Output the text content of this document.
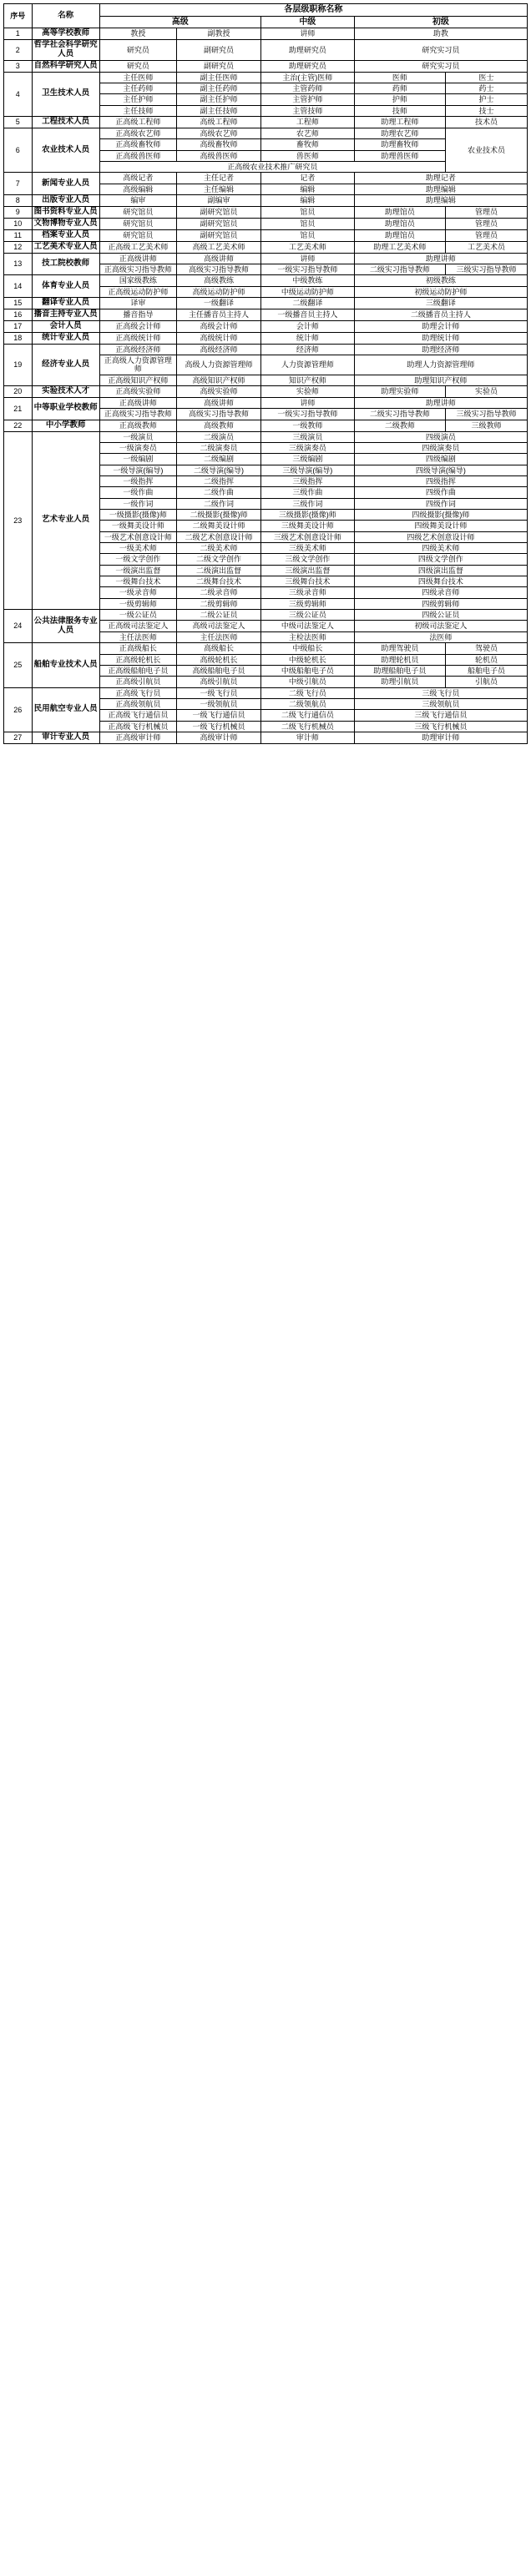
序号	名称	各层级职称名称				
		高级		中级	初级	
1	高等学校教师	教授	副教授	讲师	助教	
2	哲学社会科学研究人员	研究员	副研究员	助理研究员	研究实习员	
3	自然科学研究人员	研究员	副研究员	助理研究员	研究实习员	
4	卫生技术人员	主任医师	副主任医师	主治(主管)医师	医师	医士
		主任药师	副主任药师	主管药师	药师	药士
		主任护师	副主任护师	主管护师	护师	护士
		主任技师	副主任技师	主管技师	技师	技士
5	工程技术人员	正高级工程师	高级工程师	工程师	助理工程师	技术员
6	农业技术人员	正高级农艺师	高级农艺师	农艺师	助理农艺师	农业技术员
		正高级畜牧师	高级畜牧师	畜牧师	助理畜牧师	
		正高级兽医师	高级兽医师	兽医师	助理兽医师	
		正高级农业技术推广研究员				
7	新闻专业人员	高级记者	主任记者	记者	助理记者	
		高级编辑	主任编辑	编辑	助理编辑	
8	出版专业人员	编审	副编审	编辑	助理编辑	
9	图书资料专业人员	研究馆员	副研究馆员	馆员	助理馆员	管理员
10	文物博物专业人员	研究馆员	副研究馆员	馆员	助理馆员	管理员
11	档案专业人员	研究馆员	副研究馆员	馆员	助理馆员	管理员
12	工艺美术专业人员	正高级工艺美术师	高级工艺美术师	工艺美术师	助理工艺美术师	工艺美术员
13	技工院校教师	正高级讲师	高级讲师	讲师	助理讲师	
		正高级实习指导教师	高级实习指导教师	一级实习指导教师	二级实习指导教师	三级实习指导教师
14	体育专业人员	国家级教练	高级教练	中级教练	初级教练	
		正高级运动防护师	高级运动防护师	中级运动防护师	初级运动防护师	
15	翻译专业人员	译审	一级翻译	二级翻译	三级翻译	
16	播音主持专业人员	播音指导	主任播音员主持人	一级播音员主持人	二级播音员主持人	
17	会计人员	正高级会计师	高级会计师	会计师	助理会计师	
18	统计专业人员	正高级统计师	高级统计师	统计师	助理统计师	
19	经济专业人员	正高级经济师	高级经济师	经济师	助理经济师	
		正高级人力资源管理师	高级人力资源管理师	人力资源管理师	助理人力资源管理师	
		正高级知识产权师	高级知识产权师	知识产权师	助理知识产权师	
20	实验技术人才	正高级实验师	高级实验师	实验师	助理实验师	实验员
21	中等职业学校教师	正高级讲师	高级讲师	讲师	助理讲师	
		正高级实习指导教师	高级实习指导教师	一级实习指导教师	二级实习指导教师	三级实习指导教师
22	中小学教师	正高级教师	高级教师	一级教师	二级教师	三级教师
23	艺术专业人员	一级演员	二级演员	三级演员	四级演员	
		一级演奏员	二级演奏员	三级演奏员	四级演奏员	
		一级编剧	二级编剧	三级编剧	四级编剧	
		一级导演(编导)	二级导演(编导)	三级导演(编导)	四级导演(编导)	
		一级指挥	二级指挥	三级指挥	四级指挥	
		一级作曲	二级作曲	三级作曲	四级作曲	
		一级作词	二级作词	三级作词	四级作词	
		一级摄影(摄像)师	二级摄影(摄像)师	三级摄影(摄像)师	四级摄影(摄像)师	
		一级舞美设计师	二级舞美设计师	三级舞美设计师	四级舞美设计师	
		一级艺术创意设计师	二级艺术创意设计师	三级艺术创意设计师	四级艺术创意设计师	
		一级美术师	二级美术师	三级美术师	四级美术师	
		一级文学创作	二级文学创作	三级文学创作	四级文学创作	
		一级演出监督	二级演出监督	三级演出监督	四级演出监督	
		一级舞台技术	二级舞台技术	三级舞台技术	四级舞台技术	
		一级录音师	二级录音师	三级录音师	四级录音师	
		一级剪辑师	二级剪辑师	三级剪辑师	四级剪辑师	
24	公共法律服务专业人员	一级公证员	二级公证员	三级公证员	四级公证员	
		正高级司法鉴定人	高级司法鉴定人	中级司法鉴定人	初级司法鉴定人	
		主任法医师	主任法医师	主检法医师	法医师	
25	船舶专业技术人员	正高级船长	高级船长	中级船长	助理驾驶员	驾驶员
		正高级轮机长	高级轮机长	中级轮机长	助理轮机员	轮机员
		正高级船舶电子员	高级船舶电子员	中级船舶电子员	助理船舶电子员	船舶电子员
		正高级引航员	高级引航员	中级引航员	助理引航员	引航员
26	民用航空专业人员	正高级飞行员	一级飞行员	二级飞行员	三级飞行员	
		正高级领航员	一级领航员	二级领航员	三级领航员	
		正高级飞行通信员	一级飞行通信员	二级飞行通信员	三级飞行通信员	
		正高级飞行机械员	一级飞行机械员	二级飞行机械员	三级飞行机械员	
27	审计专业人员	正高级审计师	高级审计师	审计师	助理审计师	
